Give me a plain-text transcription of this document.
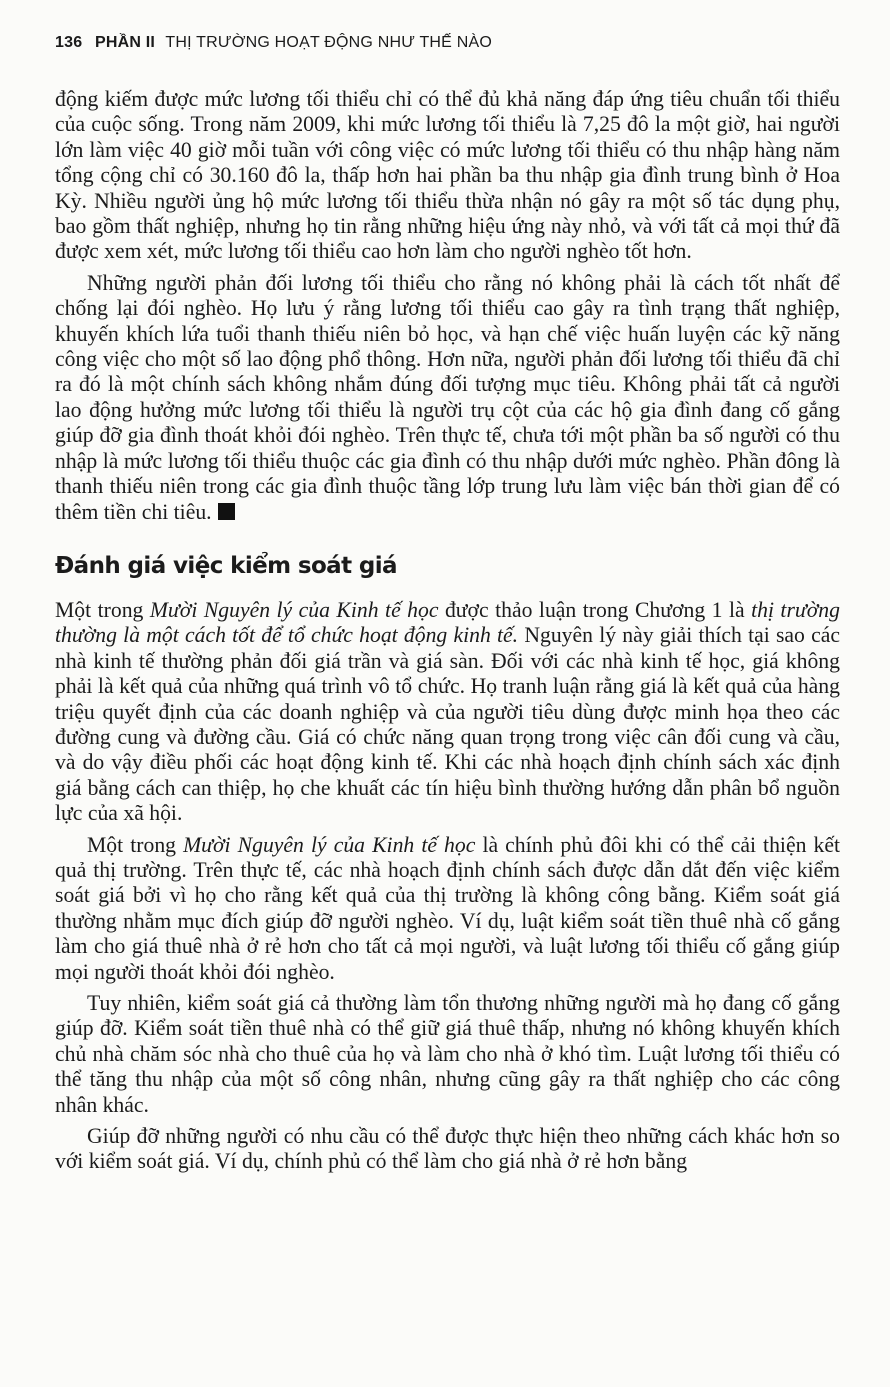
136 PHẦN II THỊ TRƯỜNG HOẠT ĐỘNG NHƯ THẾ NÀO

động kiếm được mức lương tối thiểu chỉ có thể đủ khả năng đáp ứng tiêu chuẩn tối thiểu của cuộc sống. Trong năm 2009, khi mức lương tối thiểu là 7,25 đô la một giờ, hai người lớn làm việc 40 giờ mỗi tuần với công việc có mức lương tối thiểu có thu nhập hàng năm tổng cộng chỉ có 30.160 đô la, thấp hơn hai phần ba thu nhập gia đình trung bình ở Hoa Kỳ. Nhiều người ủng hộ mức lương tối thiểu thừa nhận nó gây ra một số tác dụng phụ, bao gồm thất nghiệp, nhưng họ tin rằng những hiệu ứng này nhỏ, và với tất cả mọi thứ đã được xem xét, mức lương tối thiểu cao hơn làm cho người nghèo tốt hơn.

Những người phản đối lương tối thiểu cho rằng nó không phải là cách tốt nhất để chống lại đói nghèo. Họ lưu ý rằng lương tối thiểu cao gây ra tình trạng thất nghiệp, khuyến khích lứa tuổi thanh thiếu niên bỏ học, và hạn chế việc huấn luyện các kỹ năng công việc cho một số lao động phổ thông. Hơn nữa, người phản đối lương tối thiểu đã chỉ ra đó là một chính sách không nhắm đúng đối tượng mục tiêu. Không phải tất cả người lao động hưởng mức lương tối thiểu là người trụ cột của các hộ gia đình đang cố gắng giúp đỡ gia đình thoát khỏi đói nghèo. Trên thực tế, chưa tới một phần ba số người có thu nhập là mức lương tối thiểu thuộc các gia đình có thu nhập dưới mức nghèo. Phần đông là thanh thiếu niên trong các gia đình thuộc tầng lớp trung lưu làm việc bán thời gian để có thêm tiền chi tiêu.

Đánh giá việc kiểm soát giá

Một trong Mười Nguyên lý của Kinh tế học được thảo luận trong Chương 1 là thị trường thường là một cách tốt để tổ chức hoạt động kinh tế. Nguyên lý này giải thích tại sao các nhà kinh tế thường phản đối giá trần và giá sàn. Đối với các nhà kinh tế học, giá không phải là kết quả của những quá trình vô tổ chức. Họ tranh luận rằng giá là kết quả của hàng triệu quyết định của các doanh nghiệp và của người tiêu dùng được minh họa theo các đường cung và đường cầu. Giá có chức năng quan trọng trong việc cân đối cung và cầu, và do vậy điều phối các hoạt động kinh tế. Khi các nhà hoạch định chính sách xác định giá bằng cách can thiệp, họ che khuất các tín hiệu bình thường hướng dẫn phân bổ nguồn lực của xã hội.

Một trong Mười Nguyên lý của Kinh tế học là chính phủ đôi khi có thể cải thiện kết quả thị trường. Trên thực tế, các nhà hoạch định chính sách được dẫn dắt đến việc kiểm soát giá bởi vì họ cho rằng kết quả của thị trường là không công bằng. Kiểm soát giá thường nhằm mục đích giúp đỡ người nghèo. Ví dụ, luật kiểm soát tiền thuê nhà cố gắng làm cho giá thuê nhà ở rẻ hơn cho tất cả mọi người, và luật lương tối thiểu cố gắng giúp mọi người thoát khỏi đói nghèo.

Tuy nhiên, kiểm soát giá cả thường làm tổn thương những người mà họ đang cố gắng giúp đỡ. Kiểm soát tiền thuê nhà có thể giữ giá thuê thấp, nhưng nó không khuyến khích chủ nhà chăm sóc nhà cho thuê của họ và làm cho nhà ở khó tìm. Luật lương tối thiểu có thể tăng thu nhập của một số công nhân, nhưng cũng gây ra thất nghiệp cho các công nhân khác.

Giúp đỡ những người có nhu cầu có thể được thực hiện theo những cách khác hơn so với kiểm soát giá. Ví dụ, chính phủ có thể làm cho giá nhà ở rẻ hơn bằng
